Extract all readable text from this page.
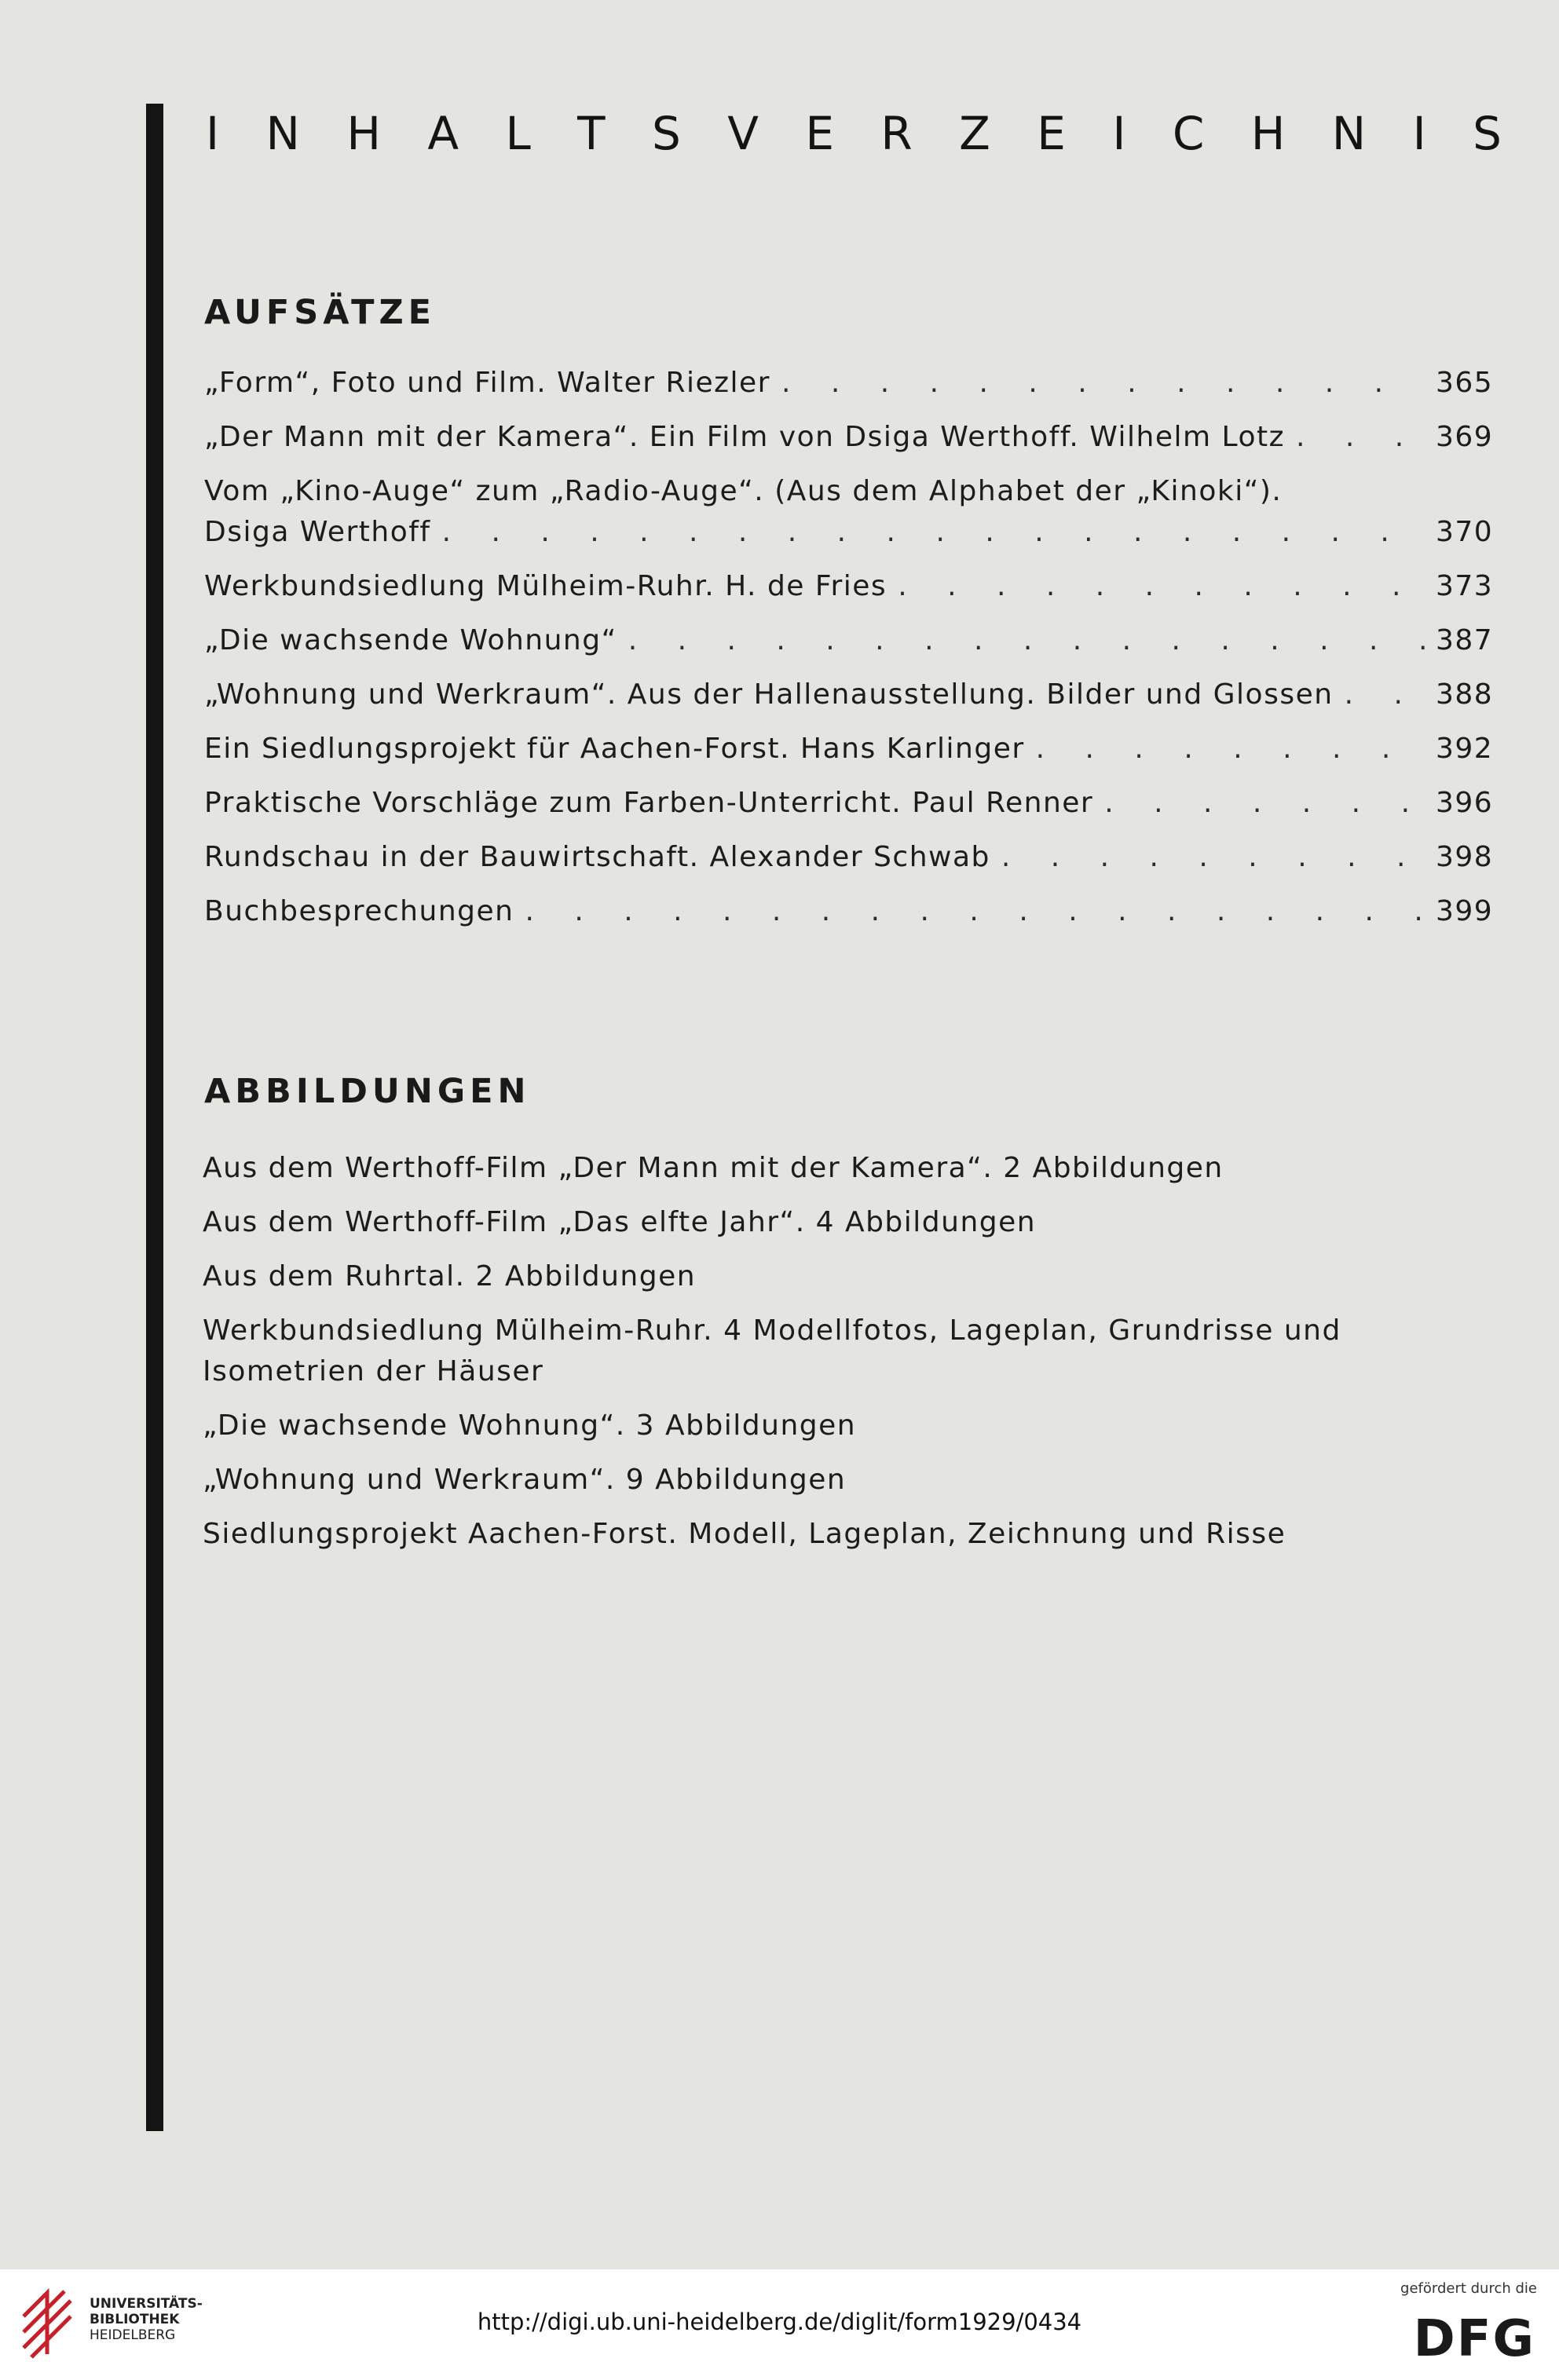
I N H A L T S V E R Z E I C H N I S
AUFSÄTZE
„Form“, Foto und Film. Walter Riezler . . .	365
„Der Mann mit der Kamera“. Ein Film von Dsiga Werthoff. Wilhelm Lotz . . .	369
Vom „Kino-Auge“ zum „Radio-Auge“. (Aus dem Alphabet der „Kinoki“).
Dsiga Werthoff . . .	370
Werkbundsiedlung Mülheim-Ruhr. H. de Fries . . .	373
„Die wachsende Wohnung“ . . .	387
„Wohnung und Werkraum“. Aus der Hallenausstellung. Bilder und Glossen . . .	388
Ein Siedlungsprojekt für Aachen-Forst. Hans Karlinger . . .	392
Praktische Vorschläge zum Farben-Unterricht. Paul Renner . . .	396
Rundschau in der Bauwirtschaft. Alexander Schwab . . .	398
Buchbesprechungen . . .	399
ABBILDUNGEN
Aus dem Werthoff-Film „Der Mann mit der Kamera“. 2 Abbildungen
Aus dem Werthoff-Film „Das elfte Jahr“. 4 Abbildungen
Aus dem Ruhrtal. 2 Abbildungen
Werkbundsiedlung Mülheim-Ruhr. 4 Modellfotos, Lageplan, Grundrisse und
Isometrien der Häuser
„Die wachsende Wohnung“. 3 Abbildungen
„Wohnung und Werkraum“. 9 Abbildungen
Siedlungsprojekt Aachen-Forst. Modell, Lageplan, Zeichnung und Risse
UNIVERSITÄTS-
BIBLIOTHEK
HEIDELBERG	http://digi.ub.uni-heidelberg.de/diglit/form1929/0434
gefördert durch die
DFG
